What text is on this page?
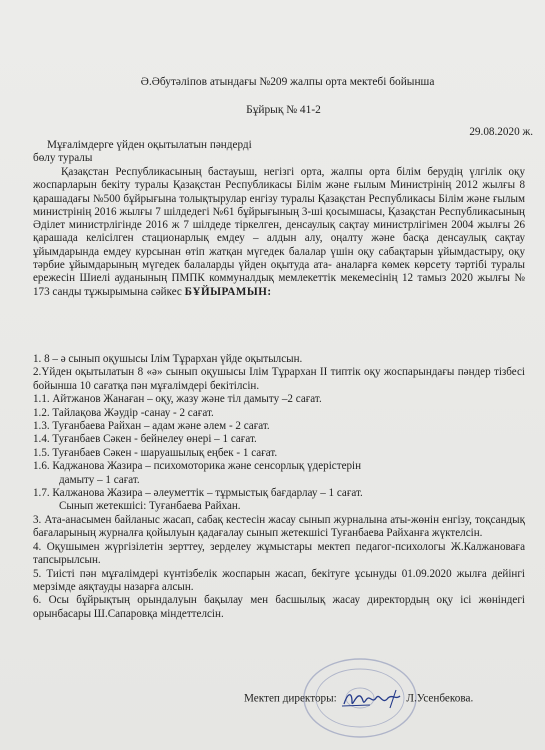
Ә.Әбутәліпов атындағы №209 жалпы орта мектебі бойынша
Бұйрық № 41-2
29.08.2020 ж.
Мұғалімдерге үйден оқытылатын пәндерді
бөлу туралы

Қазақстан Республикасының бастауыш, негізгі орта, жалпы орта білім берудің үлгілік оқу жоспарларын бекіту туралы Қазақстан Республикасы Білім және ғылым Министрінің 2012 жылғы 8 қарашадағы №500 бұйрығына толықтырулар енгізу туралы Қазақстан Республикасы Білім және ғылым министрінің 2016 жылғы 7 шілдедегі №61 бұйрығының 3-ші қосымшасы, Қазақстан Республикасының Әділет министрлігінде 2016 ж 7 шілдеде тіркелген, денсаулық сақтау министрлігімен 2004 жылғы 26 қарашада келісілген стационарлық емдеу – алдын алу, оңалту және басқа денсаулық сақтау ұйымдарында емдеу курсынан өтіп жатқан мүгедек балалар үшін оқу сабақтарын ұйымдастыру, оқу тәрбие ұйымдарының мүгедек балаларды үйден оқытуда ата- аналарға көмек көрсету тәртібі туралы ережесін Шиелі ауданының ПМПК коммуналдық мемлекеттік мекемесінің 12 тамыз 2020 жылғы № 173 санды тұжырымына сәйкес БҰЙЫРАМЫН:

1. 8 – ә сынып оқушысы Ілім Тұрарxан үйде оқытылсын.

2.Үйден оқытылатын 8 «ә» сынып оқушысы Ілім Тұрарxан II типтік оқу жоспарындағы пәндер тізбесі бойынша 10 сағатқа пән мұғалімдері бекітілсін.

1.1. Айтжанов Жанаған – оқу, жазу және тіл дамыту –2 сағат.

1.2. Тайлақова Жәудір -санау - 2 сағат.

1.3. Туғанбаева Райхан – адам және әлем - 2 сағат.

1.4. Туғанбаев Сәкен - бейнелеу өнері – 1 сағат.

1.5. Туғанбаев Сәкен - шаруашылық еңбек - 1 сағат.

1.6. Каджанова Жазира – психомоторика және сенсорлық үдерістерін

дамыту – 1 сағат.

1.7. Калжанова Жазира – әлеуметтік – тұрмыстық бағдарлау – 1 сағат.

Сынып жетекшісі: Туғанбаева Райхан.

3. Ата-анасымен байланыс жасап, сабақ кестесін жасау сынып журналына аты-жөнін енгізу, тоқсандық бағаларының журналға қойылуын қадағалау сынып жетекшісі Туғанбаева Райханға жүктелсін.

4. Оқушымен жүргізілетін зерттеу, зерделеу жұмыстары мектеп педагог-психологы Ж.Калжановаға тапсырылсын.

5. Тиісті пән мұғалімдері күнтізбелік жоспарын жасап, бекітуге ұсынуды 01.09.2020 жылға дейінгі мерзімде аяқтауды назарға алсын.

6. Осы бұйрықтың орындалуын бақылау мен басшылық жасау директордың оқу ісі жөніндегі орынбасары Ш.Сапаровқа міндеттелсін.

Мектеп директоры:	Л.Усенбекова.
